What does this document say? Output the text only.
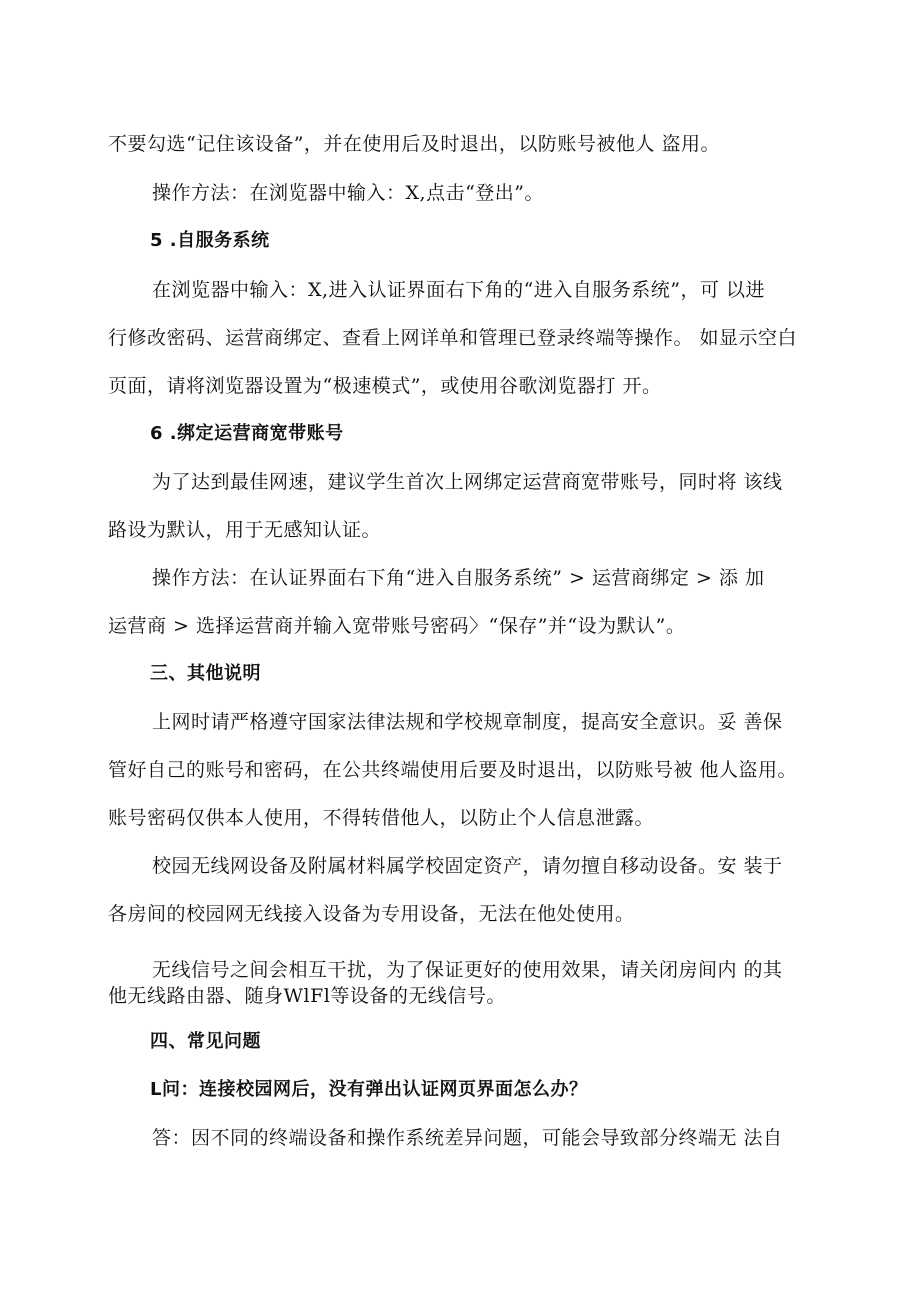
不要勾选“记住该设备”，并在使用后及时退出，以防账号被他人 盗用。
操作方法：在浏览器中输入：X,点击“登出”。
5 .自服务系统
在浏览器中输入：X,进入认证界面右下角的“进入自服务系统”，可 以进
行修改密码、运营商绑定、查看上网详单和管理已登录终端等操作。 如显示空白
页面，请将浏览器设置为“极速模式”，或使用谷歌浏览器打 开。
6 .绑定运营商宽带账号
为了达到最佳网速，建议学生首次上网绑定运营商宽带账号，同时将 该线
路设为默认，用于无感知认证。
操作方法：在认证界面右下角“进入自服务系统” > 运营商绑定 > 添 加
运营商 > 选择运营商并输入宽带账号密码〉“保存”并“设为默认”。
三、其他说明
上网时请严格遵守国家法律法规和学校规章制度，提高安全意识。妥 善保
管好自己的账号和密码，在公共终端使用后要及时退出，以防账号被 他人盗用。
账号密码仅供本人使用，不得转借他人，以防止个人信息泄露。
校园无线网设备及附属材料属学校固定资产，请勿擅自移动设备。安 装于
各房间的校园网无线接入设备为专用设备，无法在他处使用。
无线信号之间会相互干扰，为了保证更好的使用效果，请关闭房间内 的其
他无线路由器、随身WlFl等设备的无线信号。
四、常见问题
L问：连接校园网后，没有弹出认证网页界面怎么办？
答：因不同的终端设备和操作系统差异问题，可能会导致部分终端无 法自
